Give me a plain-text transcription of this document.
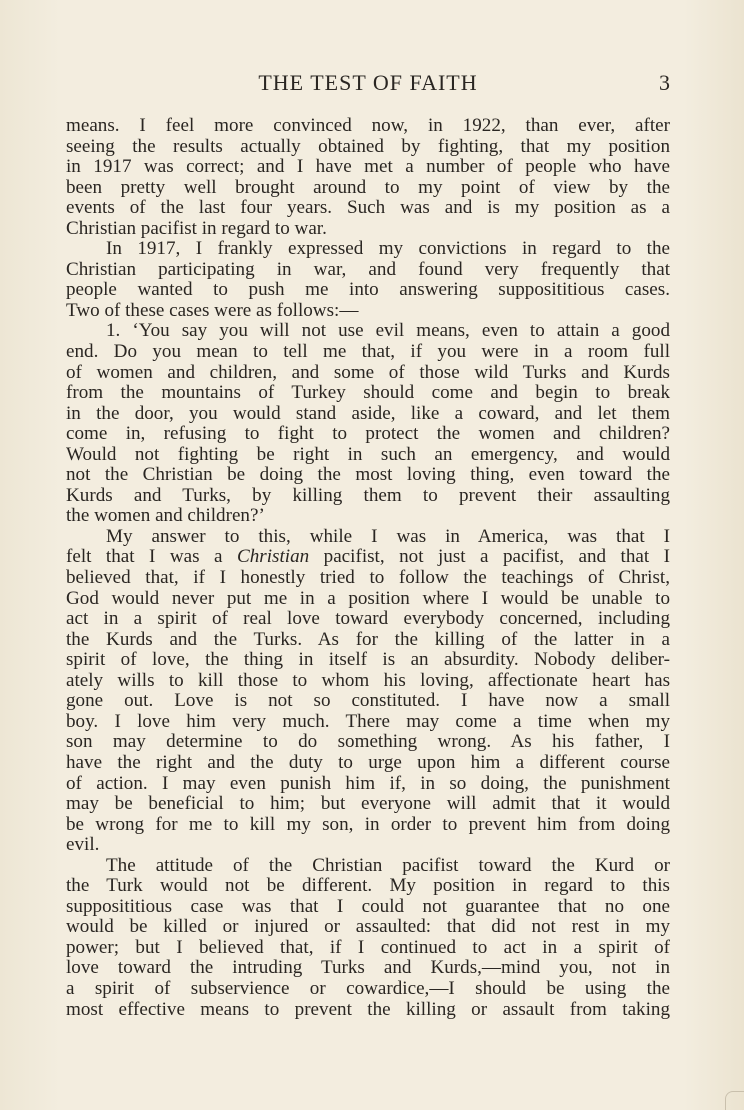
THE TEST OF FAITH	3
means. I feel more convinced now, in 1922, than ever, after
seeing the results actually obtained by fighting, that my position
in 1917 was correct; and I have met a number of people who have
been pretty well brought around to my point of view by the
events of the last four years. Such was and is my position as a
Christian pacifist in regard to war.
In 1917, I frankly expressed my convictions in regard to the
Christian participating in war, and found very frequently that
people wanted to push me into answering supposititious cases.
Two of these cases were as follows:—
1. ‘You say you will not use evil means, even to attain a good
end. Do you mean to tell me that, if you were in a room full
of women and children, and some of those wild Turks and Kurds
from the mountains of Turkey should come and begin to break
in the door, you would stand aside, like a coward, and let them
come in, refusing to fight to protect the women and children?
Would not fighting be right in such an emergency, and would
not the Christian be doing the most loving thing, even toward the
Kurds and Turks, by killing them to prevent their assaulting
the women and children?’
My answer to this, while I was in America, was that I
felt that I was a Christian pacifist, not just a pacifist, and that I
believed that, if I honestly tried to follow the teachings of Christ,
God would never put me in a position where I would be unable to
act in a spirit of real love toward everybody concerned, including
the Kurds and the Turks. As for the killing of the latter in a
spirit of love, the thing in itself is an absurdity. Nobody deliber-
ately wills to kill those to whom his loving, affectionate heart has
gone out. Love is not so constituted. I have now a small
boy. I love him very much. There may come a time when my
son may determine to do something wrong. As his father, I
have the right and the duty to urge upon him a different course
of action. I may even punish him if, in so doing, the punishment
may be beneficial to him; but everyone will admit that it would
be wrong for me to kill my son, in order to prevent him from doing
evil.
The attitude of the Christian pacifist toward the Kurd or
the Turk would not be different. My position in regard to this
supposititious case was that I could not guarantee that no one
would be killed or injured or assaulted: that did not rest in my
power; but I believed that, if I continued to act in a spirit of
love toward the intruding Turks and Kurds,—mind you, not in
a spirit of subservience or cowardice,—I should be using the
most effective means to prevent the killing or assault from taking
